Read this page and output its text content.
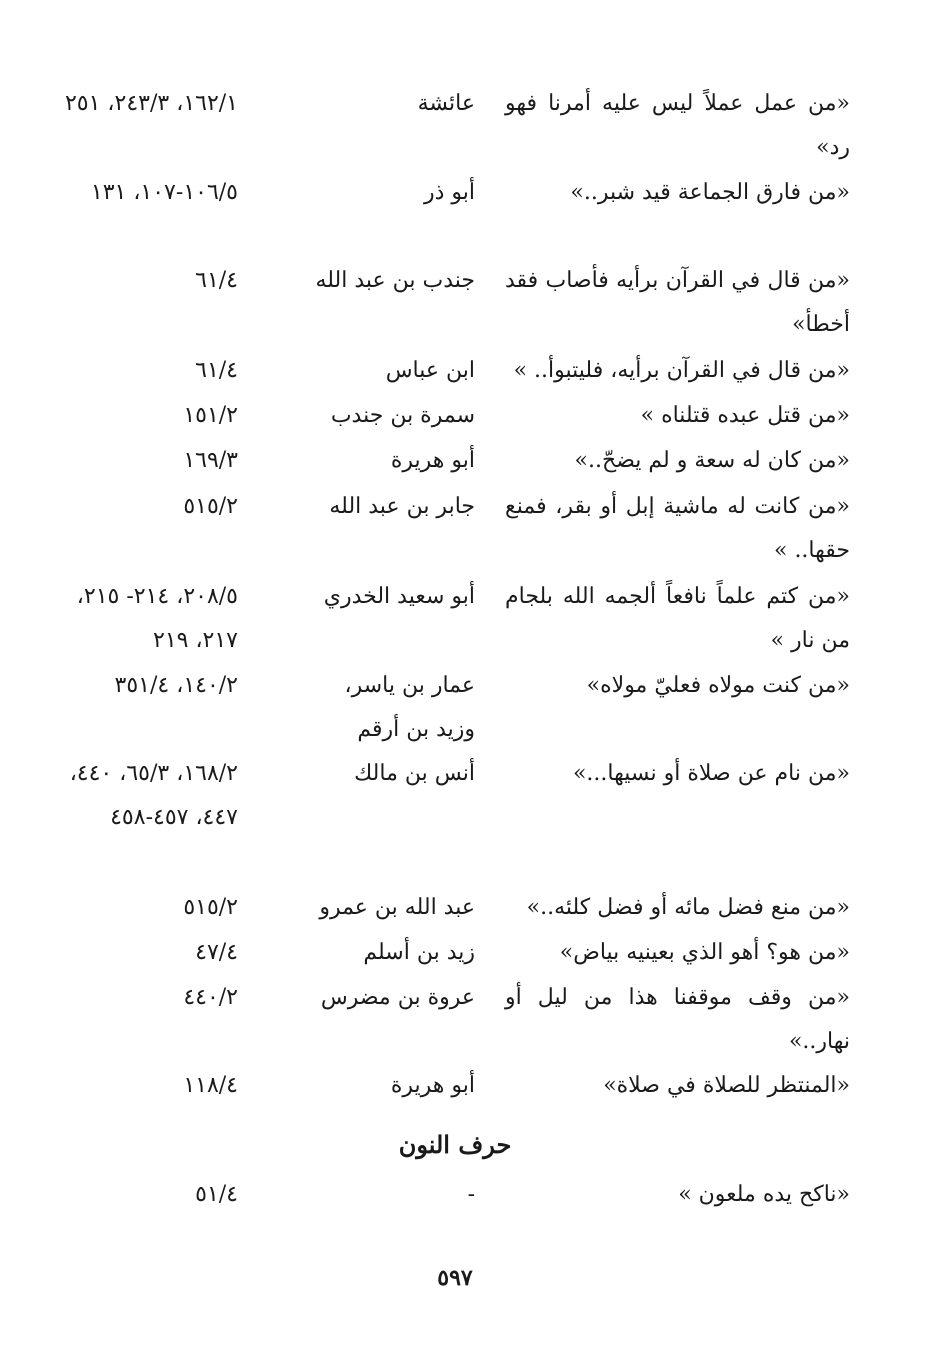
«من عمل عملاً ليس عليه أمرنا فهو رد»
عائشة
١٦٢/١، ٢٤٣/٣، ٢٥١
«من فارق الجماعة قيد شبر..»
أبو ذر
١٠٦/٥-١٠٧، ١٣١
«من قال في القرآن برأيه فأصاب فقد أخطأ»
جندب بن عبد الله
٦١/٤
«من قال في القرآن برأيه، فليتبوأ.. »
ابن عباس
٦١/٤
«من قتل عبده قتلناه »
سمرة بن جندب
١٥١/٢
«من كان له سعة و لم يضحّ..»
أبو هريرة
١٦٩/٣
«من كانت له ماشية إبل أو بقر، فمنع حقها.. »
جابر بن عبد الله
٥١٥/٢
«من كتم علماً نافعاً ألجمه الله بلجام من نار »
أبو سعيد الخدري
٢٠٨/٥، ٢١٤- ٢١٥، ٢١٧، ٢١٩
«من كنت مولاه فعليّ مولاه»
عمار بن ياسر، وزيد بن أرقم
١٤٠/٢، ٣٥١/٤
«من نام عن صلاة أو نسيها...»
أنس بن مالك
١٦٨/٢، ٦٥/٣، ٤٤٠، ٤٤٧، ٤٥٧-٤٥٨
«من منع فضل مائه أو فضل كلئه..»
عبد الله بن عمرو
٥١٥/٢
«من هو؟ أهو الذي بعينيه بياض»
زيد بن أسلم
٤٧/٤
«من وقف موقفنا هذا من ليل أو نهار..»
عروة بن مضرس
٤٤٠/٢
«المنتظر للصلاة في صلاة»
أبو هريرة
١١٨/٤
حرف النون
«ناكح يده ملعون »
-
٥١/٤
٥٩٧
